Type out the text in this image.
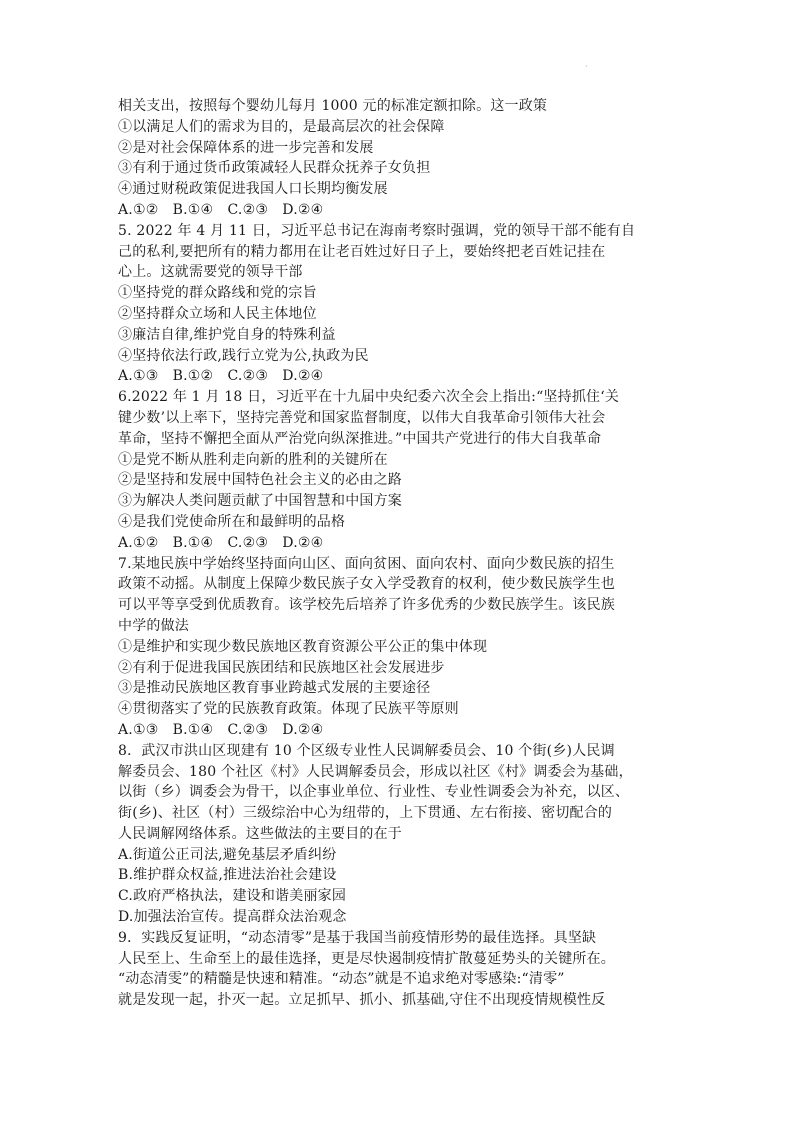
·
相关支出，按照每个婴幼儿每月 1000 元的标准定额扣除。这一政策
①以满足人们的需求为目的，是最高层次的社会保障
②是对社会保障体系的进一步完善和发展
③有利于通过货币政策减轻人民群众抚养子女负担
④通过财税政策促进我国人口长期均衡发展
A.①②　B.①④　C.②③　D.②④
5. 2022 年 4 月 11 日，习近平总书记在海南考察时强调，党的领导干部不能有自
己的私利,要把所有的精力都用在让老百姓过好日子上，要始终把老百姓记挂在
心上。这就需要党的领导干部
①坚持党的群众路线和党的宗旨
②坚持群众立场和人民主体地位
③廉洁自律,维护党自身的特殊利益
④坚持依法行政,践行立党为公,执政为民
A.①③　B.①②　C.②③　D.②④
6.2022 年 1 月 18 日，习近平在十九届中央纪委六次全会上指出:“坚持抓住‘关
键少数’以上率下，坚持完善党和国家监督制度，以伟大自我革命引领伟大社会
革命，坚持不懈把全面从严治党向纵深推进。”中国共产党进行的伟大自我革命
①是党不断从胜利走向新的胜利的关键所在
②是坚持和发展中国特色社会主义的必由之路
③为解决人类问题贡献了中国智慧和中国方案
④是我们党使命所在和最鲜明的品格
A.①②　B.①④　C.②③　D.②④
7.某地民族中学始终坚持面向山区、面向贫困、面向农村、面向少数民族的招生
政策不动摇。从制度上保障少数民族子女入学受教育的权利，使少数民族学生也
可以平等享受到优质教育。该学校先后培养了许多优秀的少数民族学生。该民族
中学的做法
①是维护和实现少数民族地区教育资源公平公正的集中体现
②有利于促进我国民族团结和民族地区社会发展进步
③是推动民族地区教育事业跨越式发展的主要途径
④贯彻落实了党的民族教育政策。体现了民族平等原则
A.①③　B.①④　C.②③　D.②④
8．武汉市洪山区现建有 10 个区级专业性人民调解委员会、10 个街(乡)人民调
解委员会、180 个社区《村》人民调解委员会，形成以社区《村》调委会为基础，
以街（乡）调委会为骨干，以企事业单位、行业性、专业性调委会为补充，以区、
街(乡)、社区（村）三级综治中心为纽带的，上下贯通、左右衔接、密切配合的
人民调解网络体系。这些做法的主要目的在于
A.街道公正司法,避免基层矛盾纠纷
B.维护群众权益,推进法治社会建设
C.政府严格执法，建设和谐美丽家园
D.加强法治宣传。提高群众法治观念
9．实践反复证明，“动态清零”是基于我国当前疫情形势的最佳选择。具坚缺
人民至上、生命至上的最佳选择，更是尽快遏制疫情扩散蔓延势头的关键所在。
“动态清雯”的精髓是快速和精准。“动态”就是不追求绝对零感染:“清零”
就是发现一起，扑灭一起。立足抓早、抓小、抓基础,守住不出现疫情规模性反
